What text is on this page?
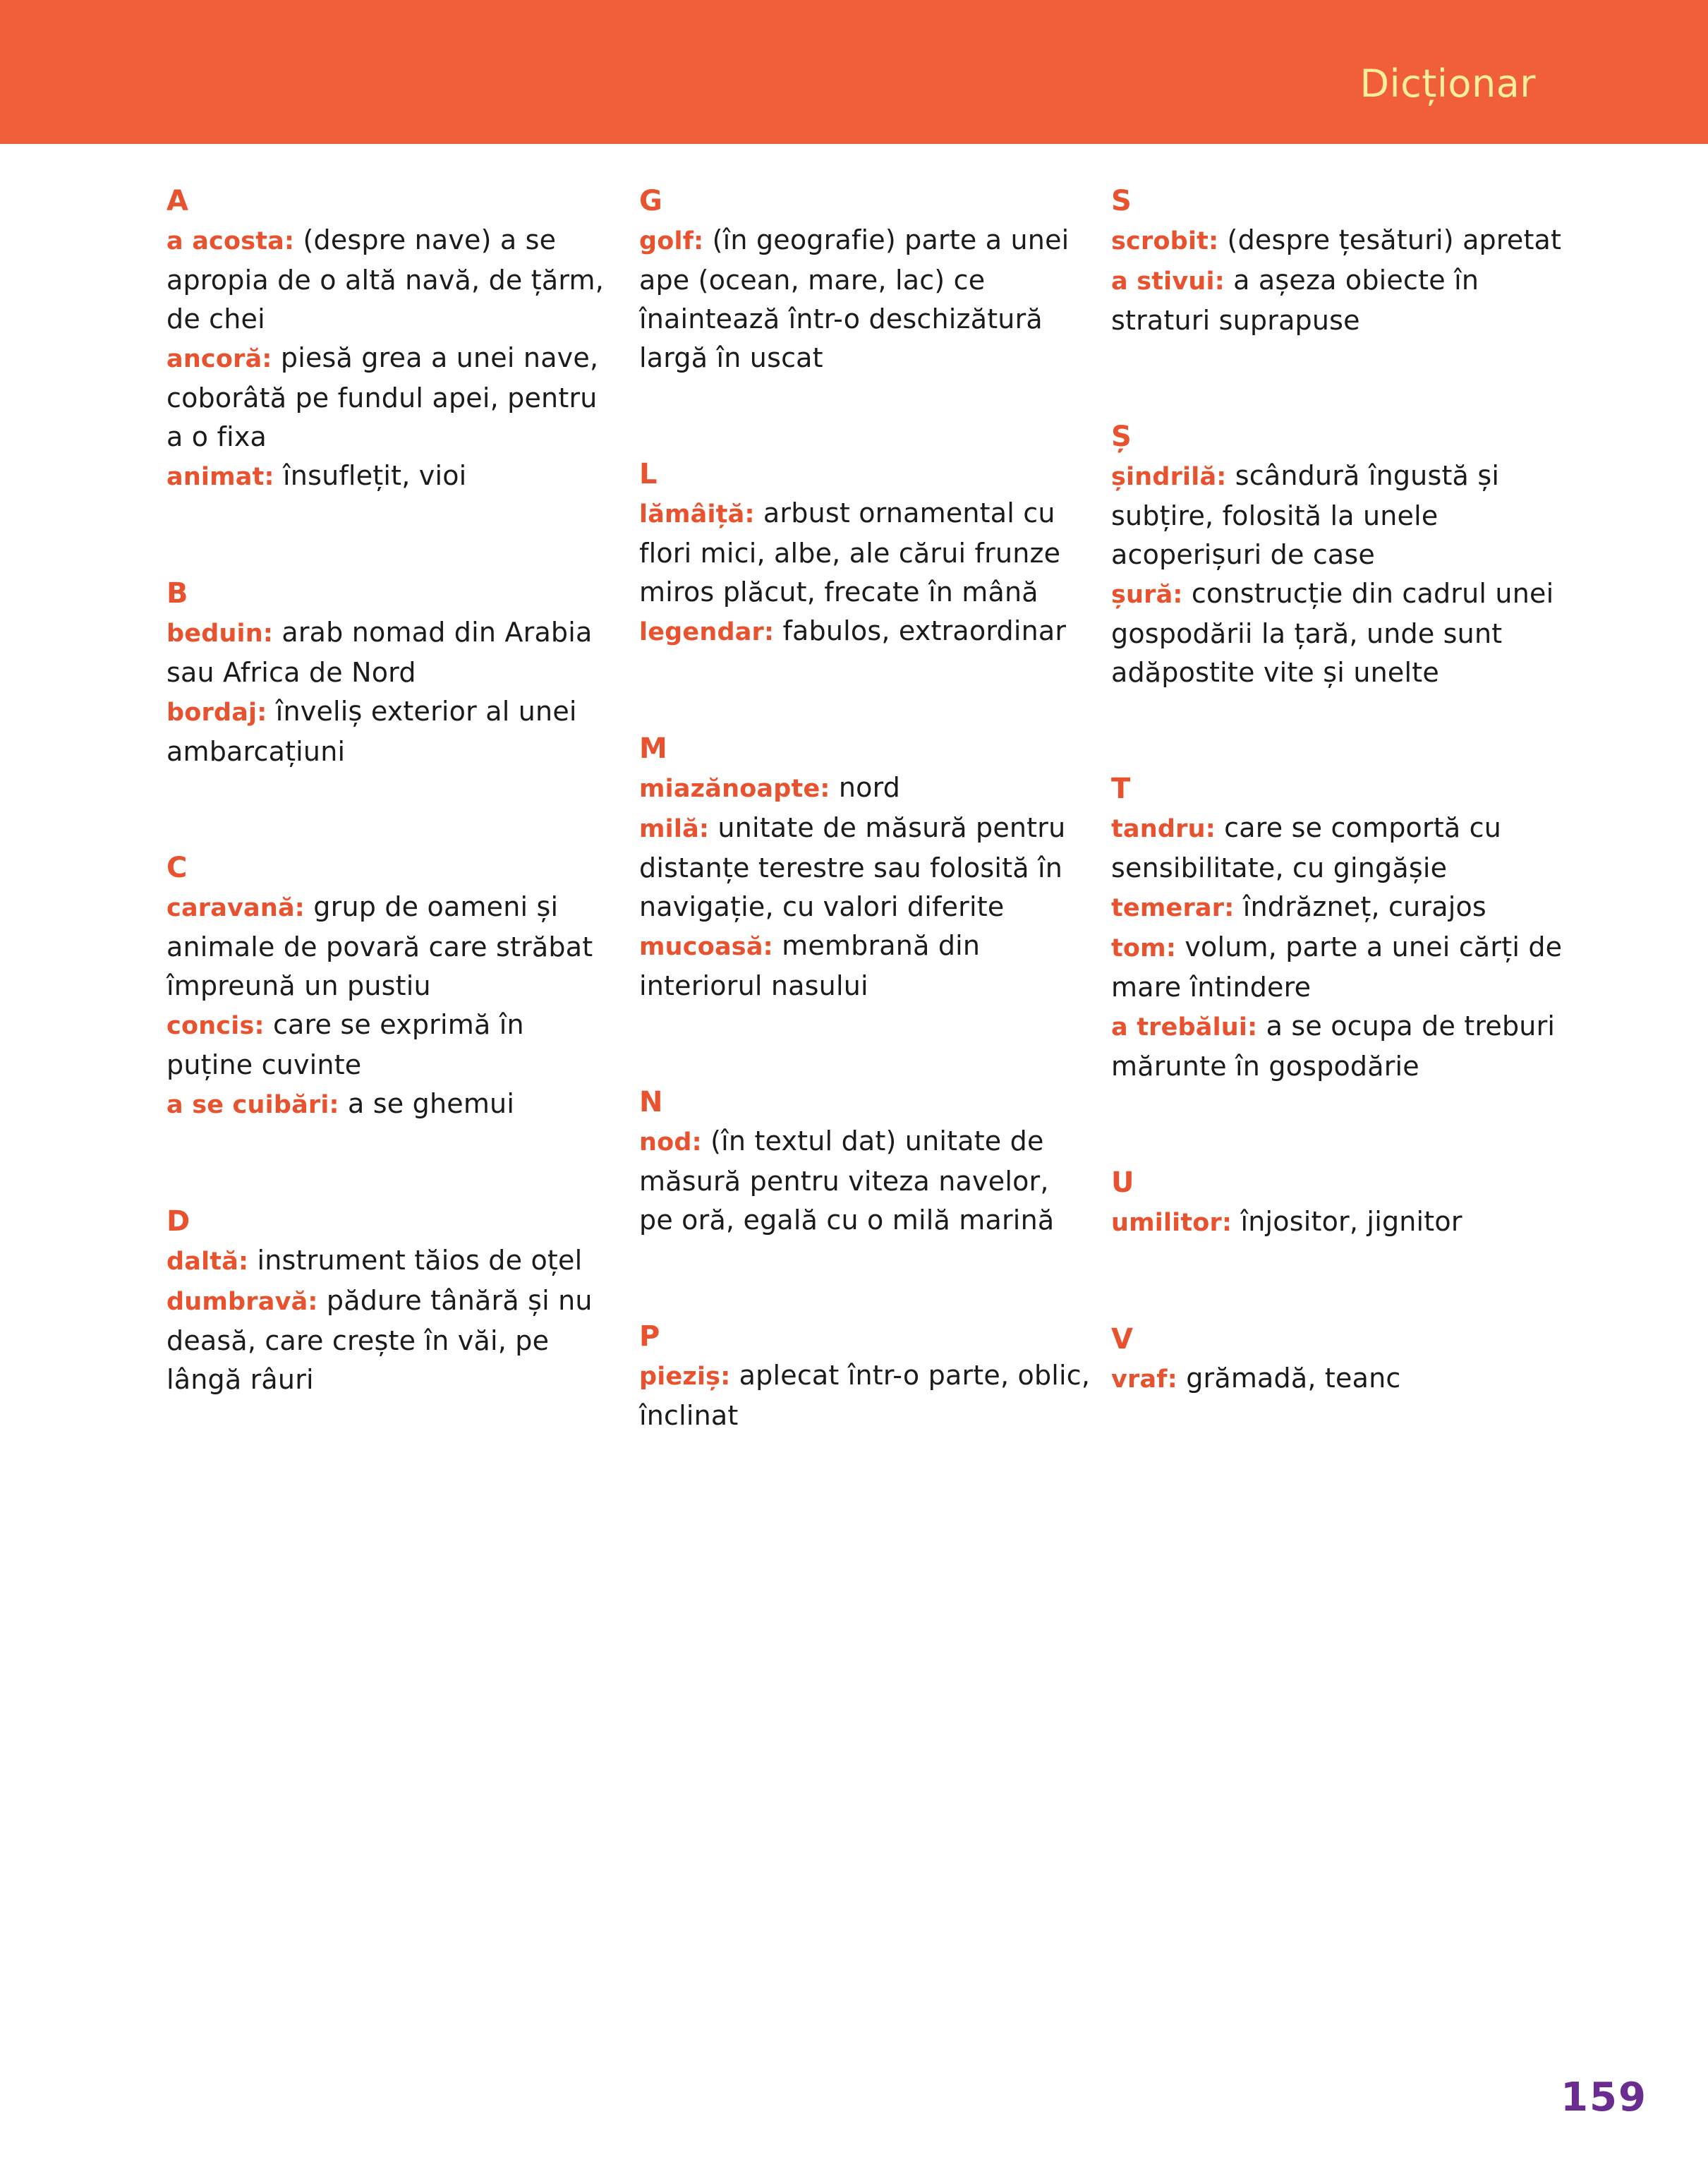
Dicționar
A
a acosta: (despre nave) a se apropia de o altă navă, de țărm, de chei
ancoră: piesă grea a unei nave, coborâtă pe fundul apei, pentru a o fixa
animat: însuflețit, vioi
B
beduin: arab nomad din Arabia sau Africa de Nord
bordaj: înveliș exterior al unei ambarcațiuni
C
caravană: grup de oameni și animale de povară care străbat împreună un pustiu
concis: care se exprimă în puține cuvinte
a se cuibări: a se ghemui
D
daltă: instrument tăios de oțel
dumbravă: pădure tânără și nu deasă, care crește în văi, pe lângă râuri
G
golf: (în geografie) parte a unei ape (ocean, mare, lac) ce înaintează într-o deschizătură largă în uscat
L
lămâiță: arbust ornamental cu flori mici, albe, ale cărui frunze miros plăcut, frecate în mână
legendar: fabulos, extraordinar
M
miazănoapte: nord
milă: unitate de măsură pentru distanțe terestre sau folosită în navigație, cu valori diferite
mucoasă: membrană din interiorul nasului
N
nod: (în textul dat) unitate de măsură pentru viteza navelor, pe oră, egală cu o milă marină
P
pieziș: aplecat într-o parte, oblic, înclinat
S
scrobit: (despre țesături) apretat
a stivui: a așeza obiecte în straturi suprapuse
Ș
șindrilă: scândură îngustă și subțire, folosită la unele acoperișuri de case
șură: construcție din cadrul unei gospodării la țară, unde sunt adăpostite vite și unelte
T
tandru: care se comportă cu sensibilitate, cu gingășie
temerar: îndrăzneț, curajos
tom: volum, parte a unei cărți de mare întindere
a trebălui: a se ocupa de treburi mărunte în gospodărie
U
umilitor: înjositor, jignitor
V
vraf: grămadă, teanc
159
